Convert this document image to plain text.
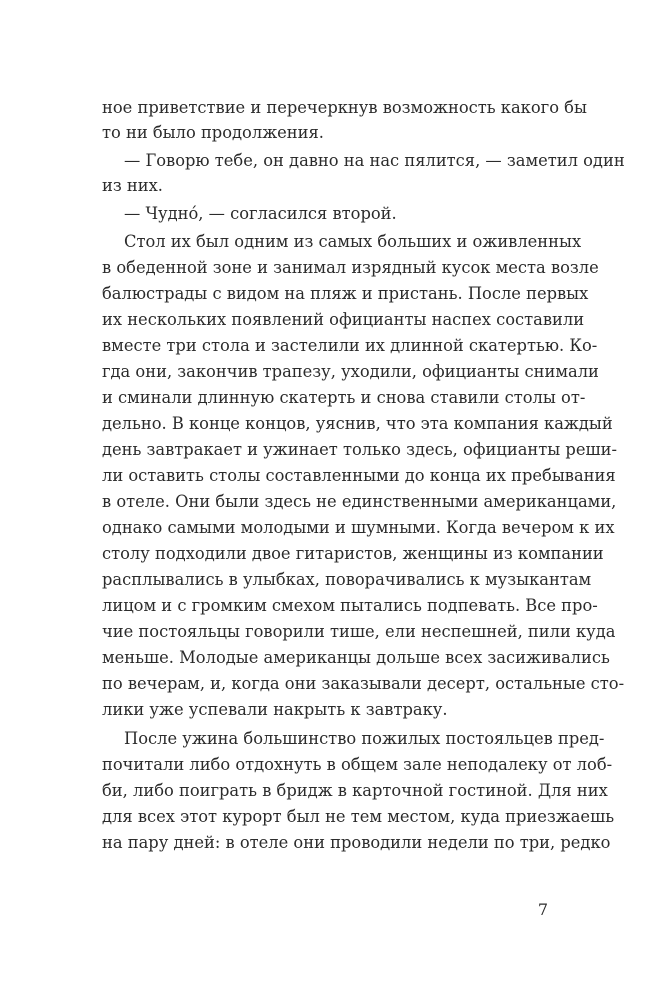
ное приветствие и перечеркнув возможность какого бы
то ни было продолжения.
— Говорю тебе, он давно на нас пялится, — заметил один
из них.
— Чудно́, — согласился второй.
Стол их был одним из самых больших и оживленных
в обеденной зоне и занимал изрядный кусок места возле
балюстрады с видом на пляж и пристань. После первых
их нескольких появлений официанты наспех составили
вместе три стола и застелили их длинной скатертью. Ко-
гда они, закончив трапезу, уходили, официанты снимали
и сминали длинную скатерть и снова ставили столы от-
дельно. В конце концов, уяснив, что эта компания каждый
день завтракает и ужинает только здесь, официанты реши-
ли оставить столы составленными до конца их пребывания
в отеле. Они были здесь не единственными американцами,
однако самыми молодыми и шумными. Когда вечером к их
столу подходили двое гитаристов, женщины из компании
расплывались в улыбках, поворачивались к музыкантам
лицом и с громким смехом пытались подпевать. Все про-
чие постояльцы говорили тише, ели неспешней, пили куда
меньше. Молодые американцы дольше всех засиживались
по вечерам, и, когда они заказывали десерт, остальные сто-
лики уже успевали накрыть к завтраку.
После ужина большинство пожилых постояльцев пред-
почитали либо отдохнуть в общем зале неподалеку от лоб-
би, либо поиграть в бридж в карточной гостиной. Для них
для всех этот курорт был не тем местом, куда приезжаешь
на пару дней: в отеле они проводили недели по три, редко
7
